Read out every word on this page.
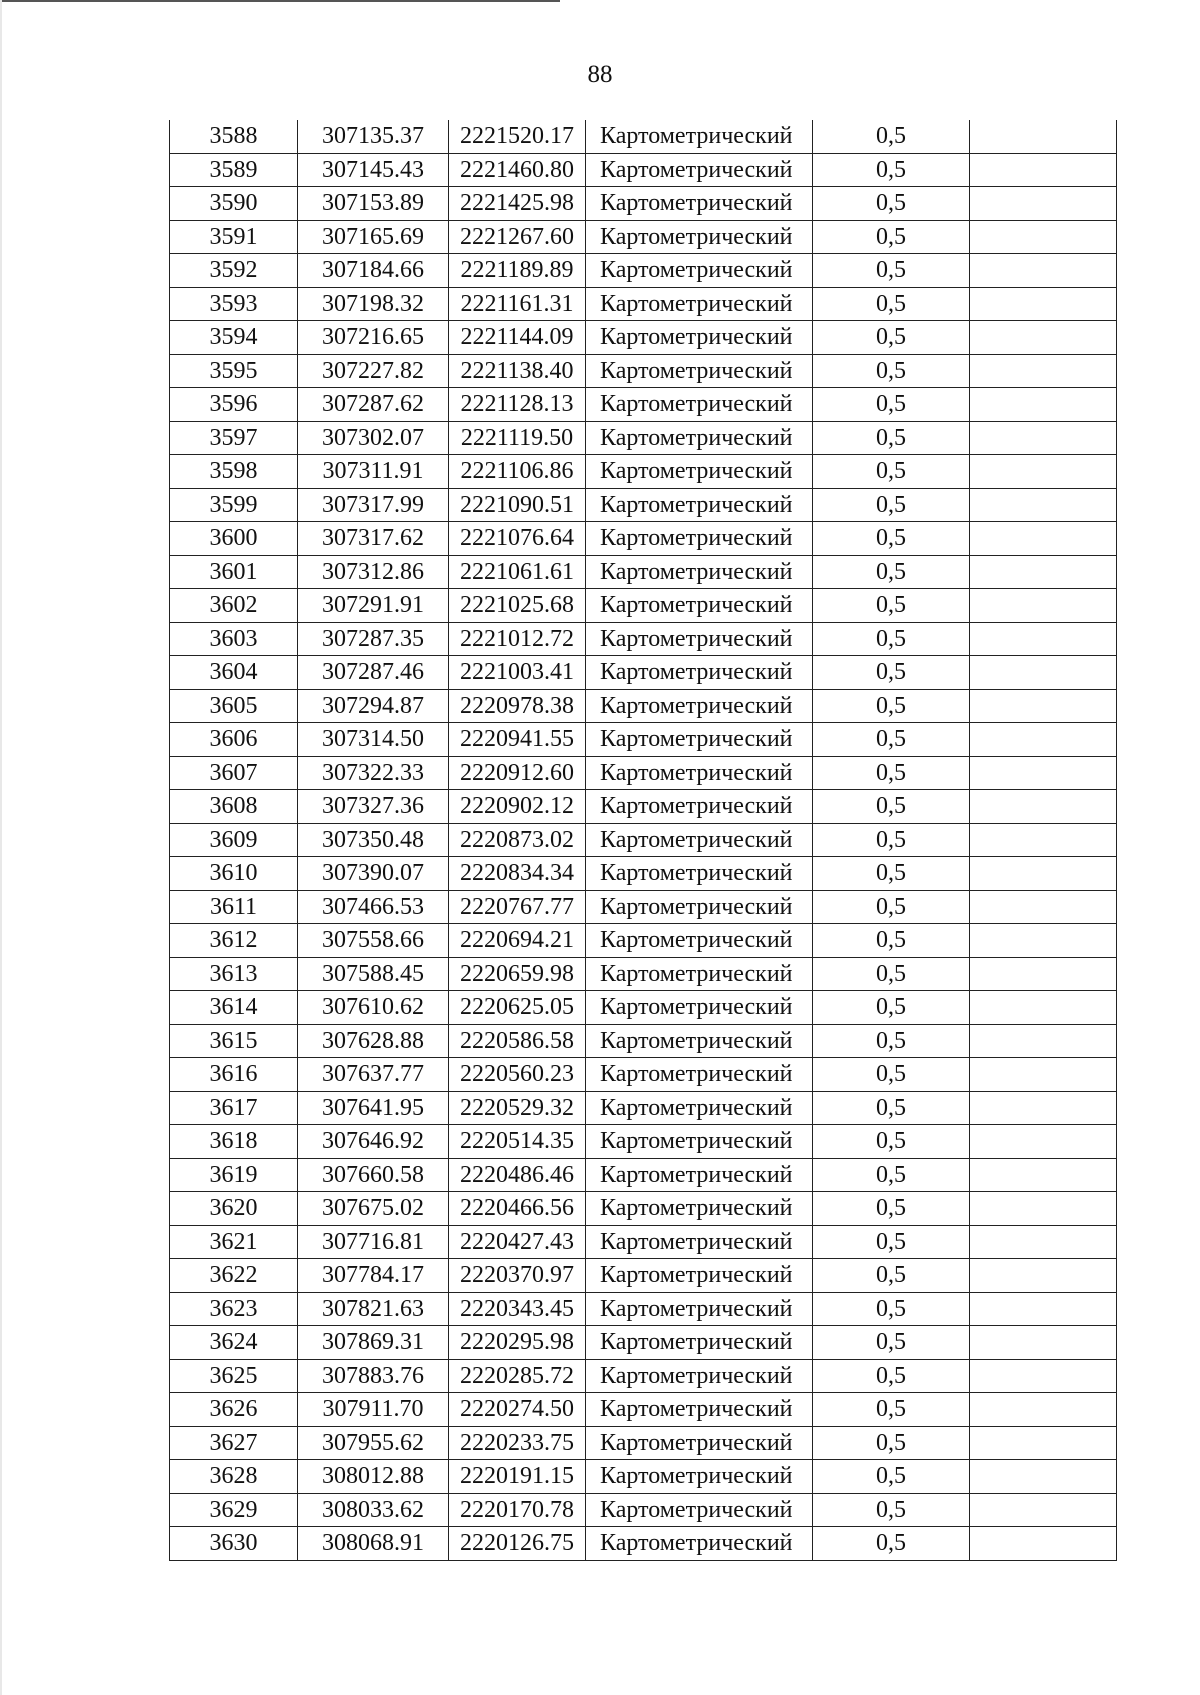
88
3588	307135.37	2221520.17	Картометрический	0,5	
3589	307145.43	2221460.80	Картометрический	0,5	
3590	307153.89	2221425.98	Картометрический	0,5	
3591	307165.69	2221267.60	Картометрический	0,5	
3592	307184.66	2221189.89	Картометрический	0,5	
3593	307198.32	2221161.31	Картометрический	0,5	
3594	307216.65	2221144.09	Картометрический	0,5	
3595	307227.82	2221138.40	Картометрический	0,5	
3596	307287.62	2221128.13	Картометрический	0,5	
3597	307302.07	2221119.50	Картометрический	0,5	
3598	307311.91	2221106.86	Картометрический	0,5	
3599	307317.99	2221090.51	Картометрический	0,5	
3600	307317.62	2221076.64	Картометрический	0,5	
3601	307312.86	2221061.61	Картометрический	0,5	
3602	307291.91	2221025.68	Картометрический	0,5	
3603	307287.35	2221012.72	Картометрический	0,5	
3604	307287.46	2221003.41	Картометрический	0,5	
3605	307294.87	2220978.38	Картометрический	0,5	
3606	307314.50	2220941.55	Картометрический	0,5	
3607	307322.33	2220912.60	Картометрический	0,5	
3608	307327.36	2220902.12	Картометрический	0,5	
3609	307350.48	2220873.02	Картометрический	0,5	
3610	307390.07	2220834.34	Картометрический	0,5	
3611	307466.53	2220767.77	Картометрический	0,5	
3612	307558.66	2220694.21	Картометрический	0,5	
3613	307588.45	2220659.98	Картометрический	0,5	
3614	307610.62	2220625.05	Картометрический	0,5	
3615	307628.88	2220586.58	Картометрический	0,5	
3616	307637.77	2220560.23	Картометрический	0,5	
3617	307641.95	2220529.32	Картометрический	0,5	
3618	307646.92	2220514.35	Картометрический	0,5	
3619	307660.58	2220486.46	Картометрический	0,5	
3620	307675.02	2220466.56	Картометрический	0,5	
3621	307716.81	2220427.43	Картометрический	0,5	
3622	307784.17	2220370.97	Картометрический	0,5	
3623	307821.63	2220343.45	Картометрический	0,5	
3624	307869.31	2220295.98	Картометрический	0,5	
3625	307883.76	2220285.72	Картометрический	0,5	
3626	307911.70	2220274.50	Картометрический	0,5	
3627	307955.62	2220233.75	Картометрический	0,5	
3628	308012.88	2220191.15	Картометрический	0,5	
3629	308033.62	2220170.78	Картометрический	0,5	
3630	308068.91	2220126.75	Картометрический	0,5	
